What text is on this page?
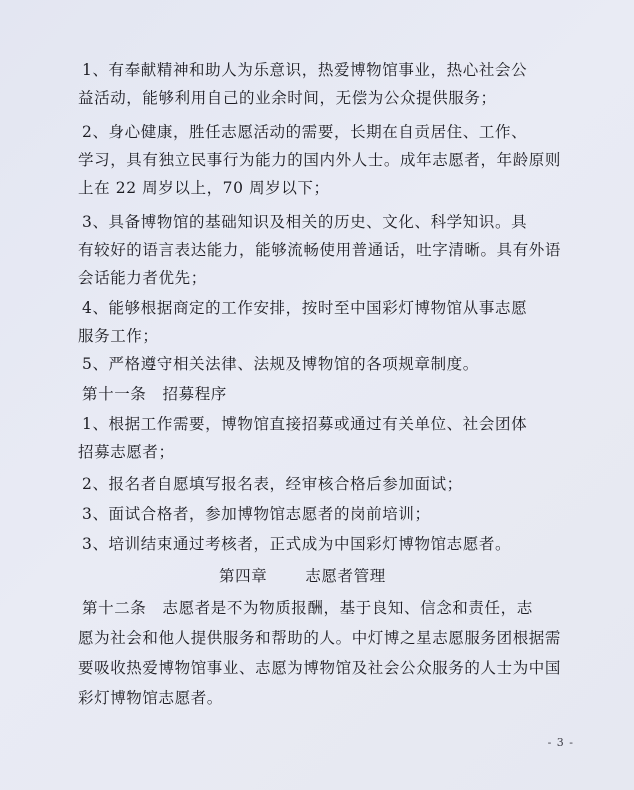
1、有奉献精神和助人为乐意识，热爱博物馆事业，热心社会公
益活动，能够利用自己的业余时间，无偿为公众提供服务；
2、身心健康，胜任志愿活动的需要，长期在自贡居住、工作、
学习，具有独立民事行为能力的国内外人士。成年志愿者，年龄原则
上在 22 周岁以上，70 周岁以下；
3、具备博物馆的基础知识及相关的历史、文化、科学知识。具
有较好的语言表达能力，能够流畅使用普通话，吐字清晰。具有外语
会话能力者优先；
4、能够根据商定的工作安排，按时至中国彩灯博物馆从事志愿
服务工作；
5、严格遵守相关法律、法规及博物馆的各项规章制度。
第十一条　招募程序
1、根据工作需要，博物馆直接招募或通过有关单位、社会团体
招募志愿者；
2、报名者自愿填写报名表，经审核合格后参加面试；
3、面试合格者，参加博物馆志愿者的岗前培训；
3、培训结束通过考核者，正式成为中国彩灯博物馆志愿者。
第四章 志愿者管理
第十二条　志愿者是不为物质报酬，基于良知、信念和责任，志
愿为社会和他人提供服务和帮助的人。中灯博之星志愿服务团根据需
要吸收热爱博物馆事业、志愿为博物馆及社会公众服务的人士为中国
彩灯博物馆志愿者。
- 3 -
